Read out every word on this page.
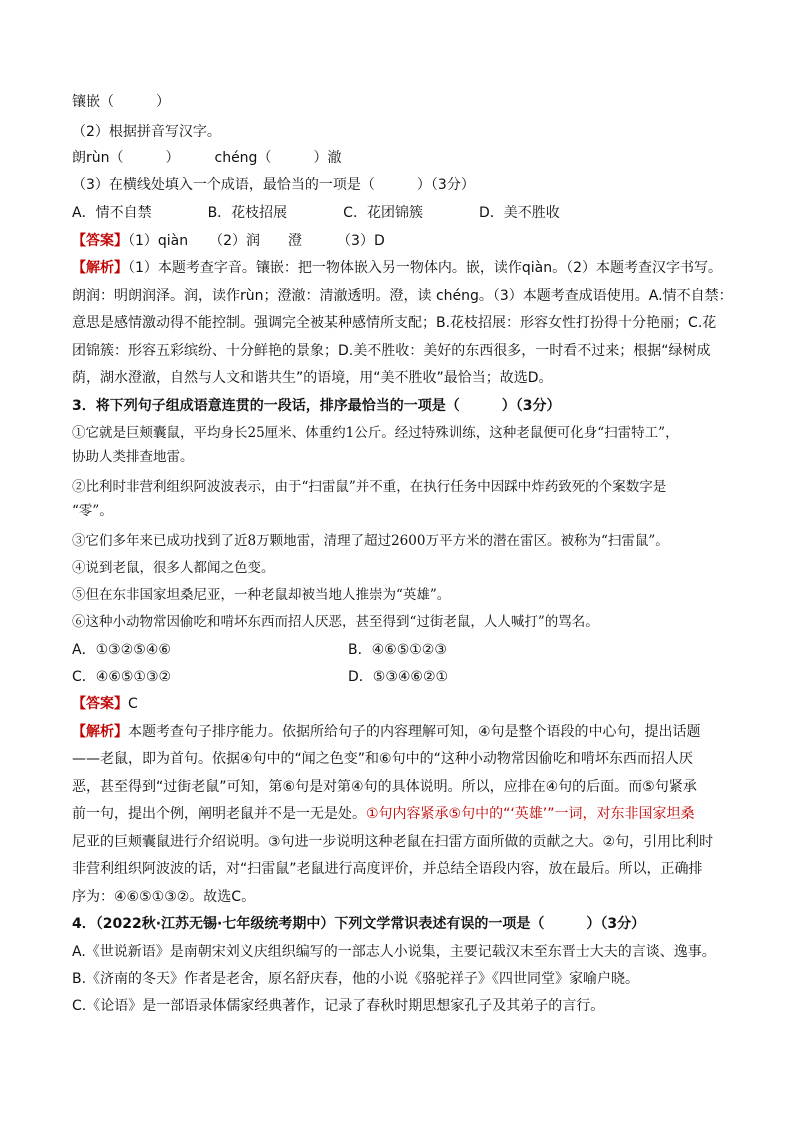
镶嵌（　　　）
（2）根据拼音写汉字。
朗rùn（　　　）　　　chéng（　　　）澈
（3）在横线处填入一个成语，最恰当的一项是（　　　）（3分）
A．情不自禁　　　　B．花枝招展　　　　C．花团锦簇　　　　D．美不胜收
【答案】（1）qiàn　　（2）润　　澄　　　（3）D
【解析】（1）本题考查字音。镶嵌：把一物体嵌入另一物体内。嵌，读作qiàn。（2）本题考查汉字书写。
朗润：明朗润泽。润，读作rùn；澄澈：清澈透明。澄，读 chéng。（3）本题考查成语使用。A.情不自禁：
意思是感情激动得不能控制。强调完全被某种感情所支配；B.花枝招展：形容女性打扮得十分艳丽；C.花
团锦簇：形容五彩缤纷、十分鲜艳的景象；D.美不胜收：美好的东西很多，一时看不过来；根据“绿树成
荫，湖水澄澈，自然与人文和谐共生”的语境，用“美不胜收”最恰当；故选D。
3．将下列句子组成语意连贯的一段话，排序最恰当的一项是（　　　）（3分）
①它就是巨颊囊鼠，平均身长25厘米、体重约1公斤。经过特殊训练，这种老鼠便可化身“扫雷特工”，
协助人类排查地雷。
②比利时非营利组织阿波波表示，由于“扫雷鼠”并不重，在执行任务中因踩中炸药致死的个案数字是
“零”。
③它们多年来已成功找到了近8万颗地雷，清理了超过2600万平方米的潜在雷区。被称为“扫雷鼠”。
④说到老鼠，很多人都闻之色变。
⑤但在东非国家坦桑尼亚，一种老鼠却被当地人推崇为“英雄”。
⑥这种小动物常因偷吃和啃坏东西而招人厌恶，甚至得到“过街老鼠，人人喊打”的骂名。
A．①③②⑤④⑥	B．④⑥⑤①②③
C．④⑥⑤①③②	D．⑤③④⑥②①
【答案】C
【解析】本题考查句子排序能力。依据所给句子的内容理解可知，④句是整个语段的中心句，提出话题
——老鼠，即为首句。依据④句中的“闻之色变”和⑥句中的“这种小动物常因偷吃和啃坏东西而招人厌
恶，甚至得到“过街老鼠”可知，第⑥句是对第④句的具体说明。所以，应排在④句的后面。而⑤句紧承
前一句，提出个例，阐明老鼠并不是一无是处。①句内容紧承⑤句中的“‘英雄’”一词，对东非国家坦桑
尼亚的巨颊囊鼠进行介绍说明。③句进一步说明这种老鼠在扫雷方面所做的贡献之大。②句，引用比利时
非营利组织阿波波的话，对“扫雷鼠”老鼠进行高度评价，并总结全语段内容，放在最后。所以，正确排
序为：④⑥⑤①③②。故选C。
4．（2022秋·江苏无锡·七年级统考期中）下列文学常识表述有误的一项是（　　　）（3分）
A.《世说新语》是南朝宋刘义庆组织编写的一部志人小说集，主要记载汉末至东晋士大夫的言谈、逸事。
B.《济南的冬天》作者是老舍，原名舒庆春，他的小说《骆驼祥子》《四世同堂》家喻户晓。
C.《论语》是一部语录体儒家经典著作，记录了春秋时期思想家孔子及其弟子的言行。
